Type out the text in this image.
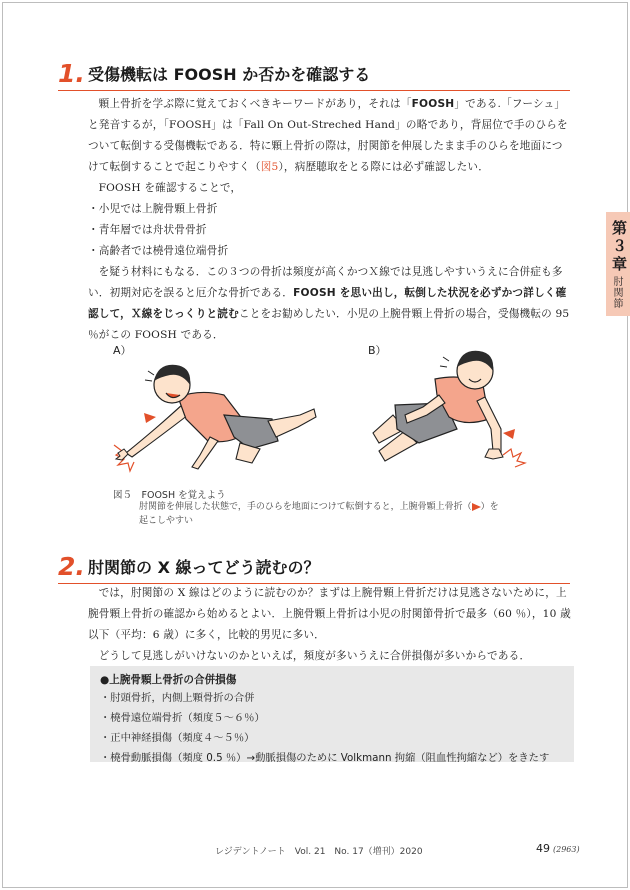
1. 受傷機転は FOOSH か否かを確認する

顆上骨折を学ぶ際に覚えておくべきキーワードがあり，それは「FOOSH」である.「フーシュ」と発音するが，「FOOSH」は「Fall On Out-Streched Hand」の略であり，背屈位で手のひらをついて転倒する受傷機転である．特に顆上骨折の際は，肘関節を伸展したまま手のひらを地面につけて転倒することで起こりやすく（図5），病歴聴取をとる際には必ず確認したい．

FOOSH を確認することで，

・小児では上腕骨顆上骨折

・青年層では舟状骨骨折

・高齢者では橈骨遠位端骨折

を疑う材料にもなる．この３つの骨折は頻度が高くかつＸ線では見逃しやすいうえに合併症も多い．初期対応を誤ると厄介な骨折である．FOOSH を思い出し，転倒した状況を必ずかつ詳しく確認して，Ｘ線をじっくりと読むことをお勧めしたい．小児の上腕骨顆上骨折の場合，受傷機転の 95 ％がこの FOOSH である．

第３章
肘関節
A）	B）
図５　FOOSH を覚えよう
肘関節を伸展した状態で，手のひらを地面につけて転倒すると，上腕骨顆上骨折（ ）を
起こしやすい
2. 肘関節の X 線ってどう読むの？

では，肘関節の X 線はどのように読むのか？まずは上腕骨顆上骨折だけは見逃さないために，上腕骨顆上骨折の確認から始めるとよい．上腕骨顆上骨折は小児の肘関節骨折で最多（60 ％），10 歳以下（平均：6 歳）に多く，比較的男児に多い．

どうして見逃しがいけないのかといえば，頻度が多いうえに合併損傷が多いからである．

●上腕骨顆上骨折の合併損傷
・肘頭骨折，内側上顆骨折の合併
・橈骨遠位端骨折（頻度５〜６％）
・正中神経損傷（頻度４〜５％）
・橈骨動脈損傷（頻度 0.5 ％）→動脈損傷のために Volkmann 拘縮（阻血性拘縮など）をきたす
レジデントノート　Vol. 21　No. 17（増刊）2020	49 (2963)
